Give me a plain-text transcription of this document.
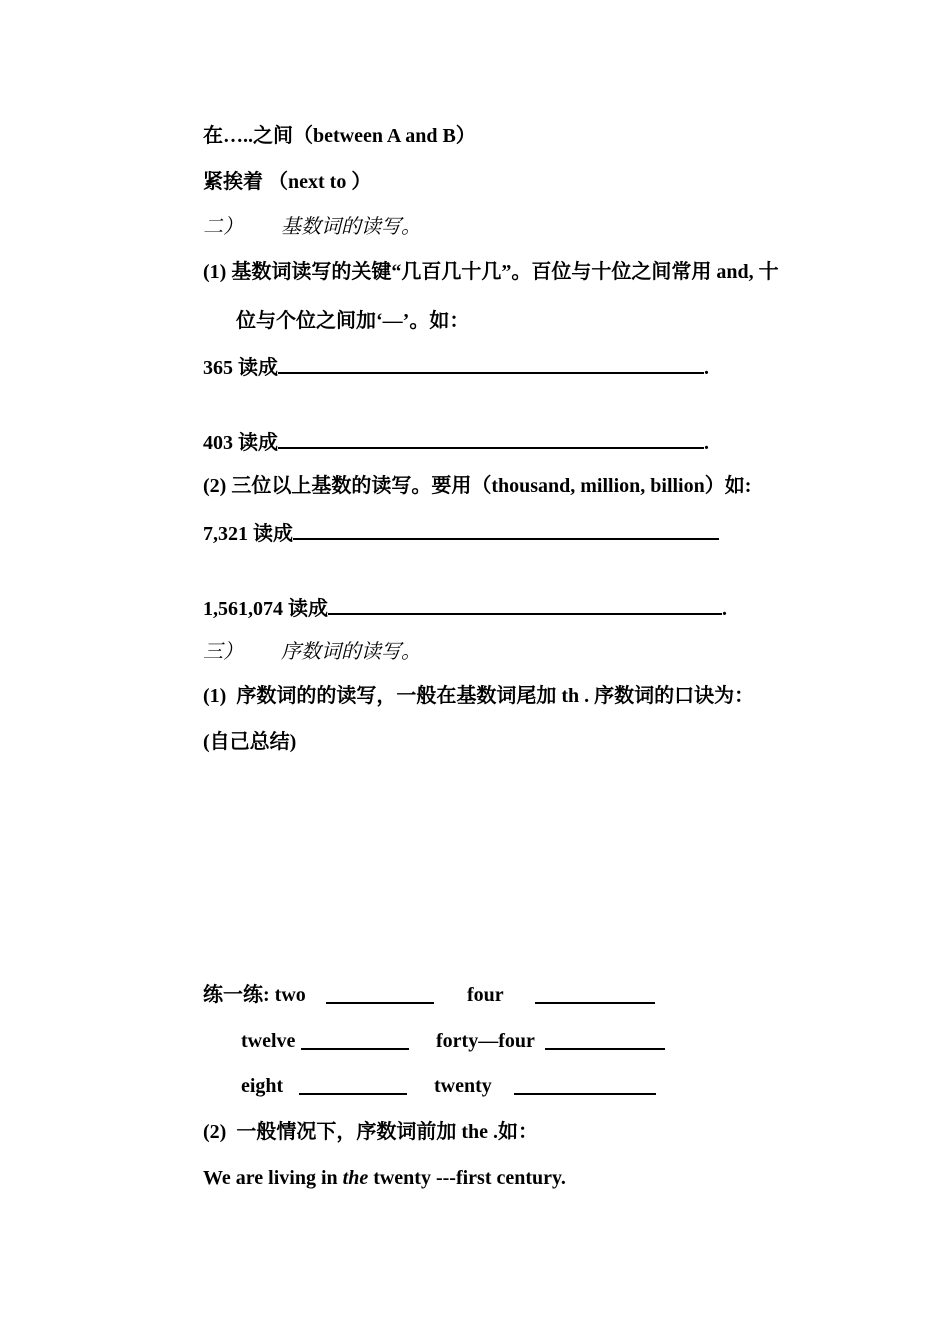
在…..之间（between A and B）
紧挨着 （next to ）
二） 基数词的读写。
(1) 基数词读写的关键“几百几十几”。百位与十位之间常用 and, 十
位与个位之间加‘—’。如：
365 读成	.
403 读成	.
(2) 三位以上基数的读写。要用（thousand, million, billion）如:
7,321 读成
1,561,074 读成	.
三） 序数词的读写。
(1)  序数词的的读写，一般在基数词尾加 th . 序数词的口诀为：
(自己总结)
练一练: two	four
twelve	forty—four
eight	twenty
(2)  一般情况下，序数词前加 the .如：
We are living in the twenty ---first century.
